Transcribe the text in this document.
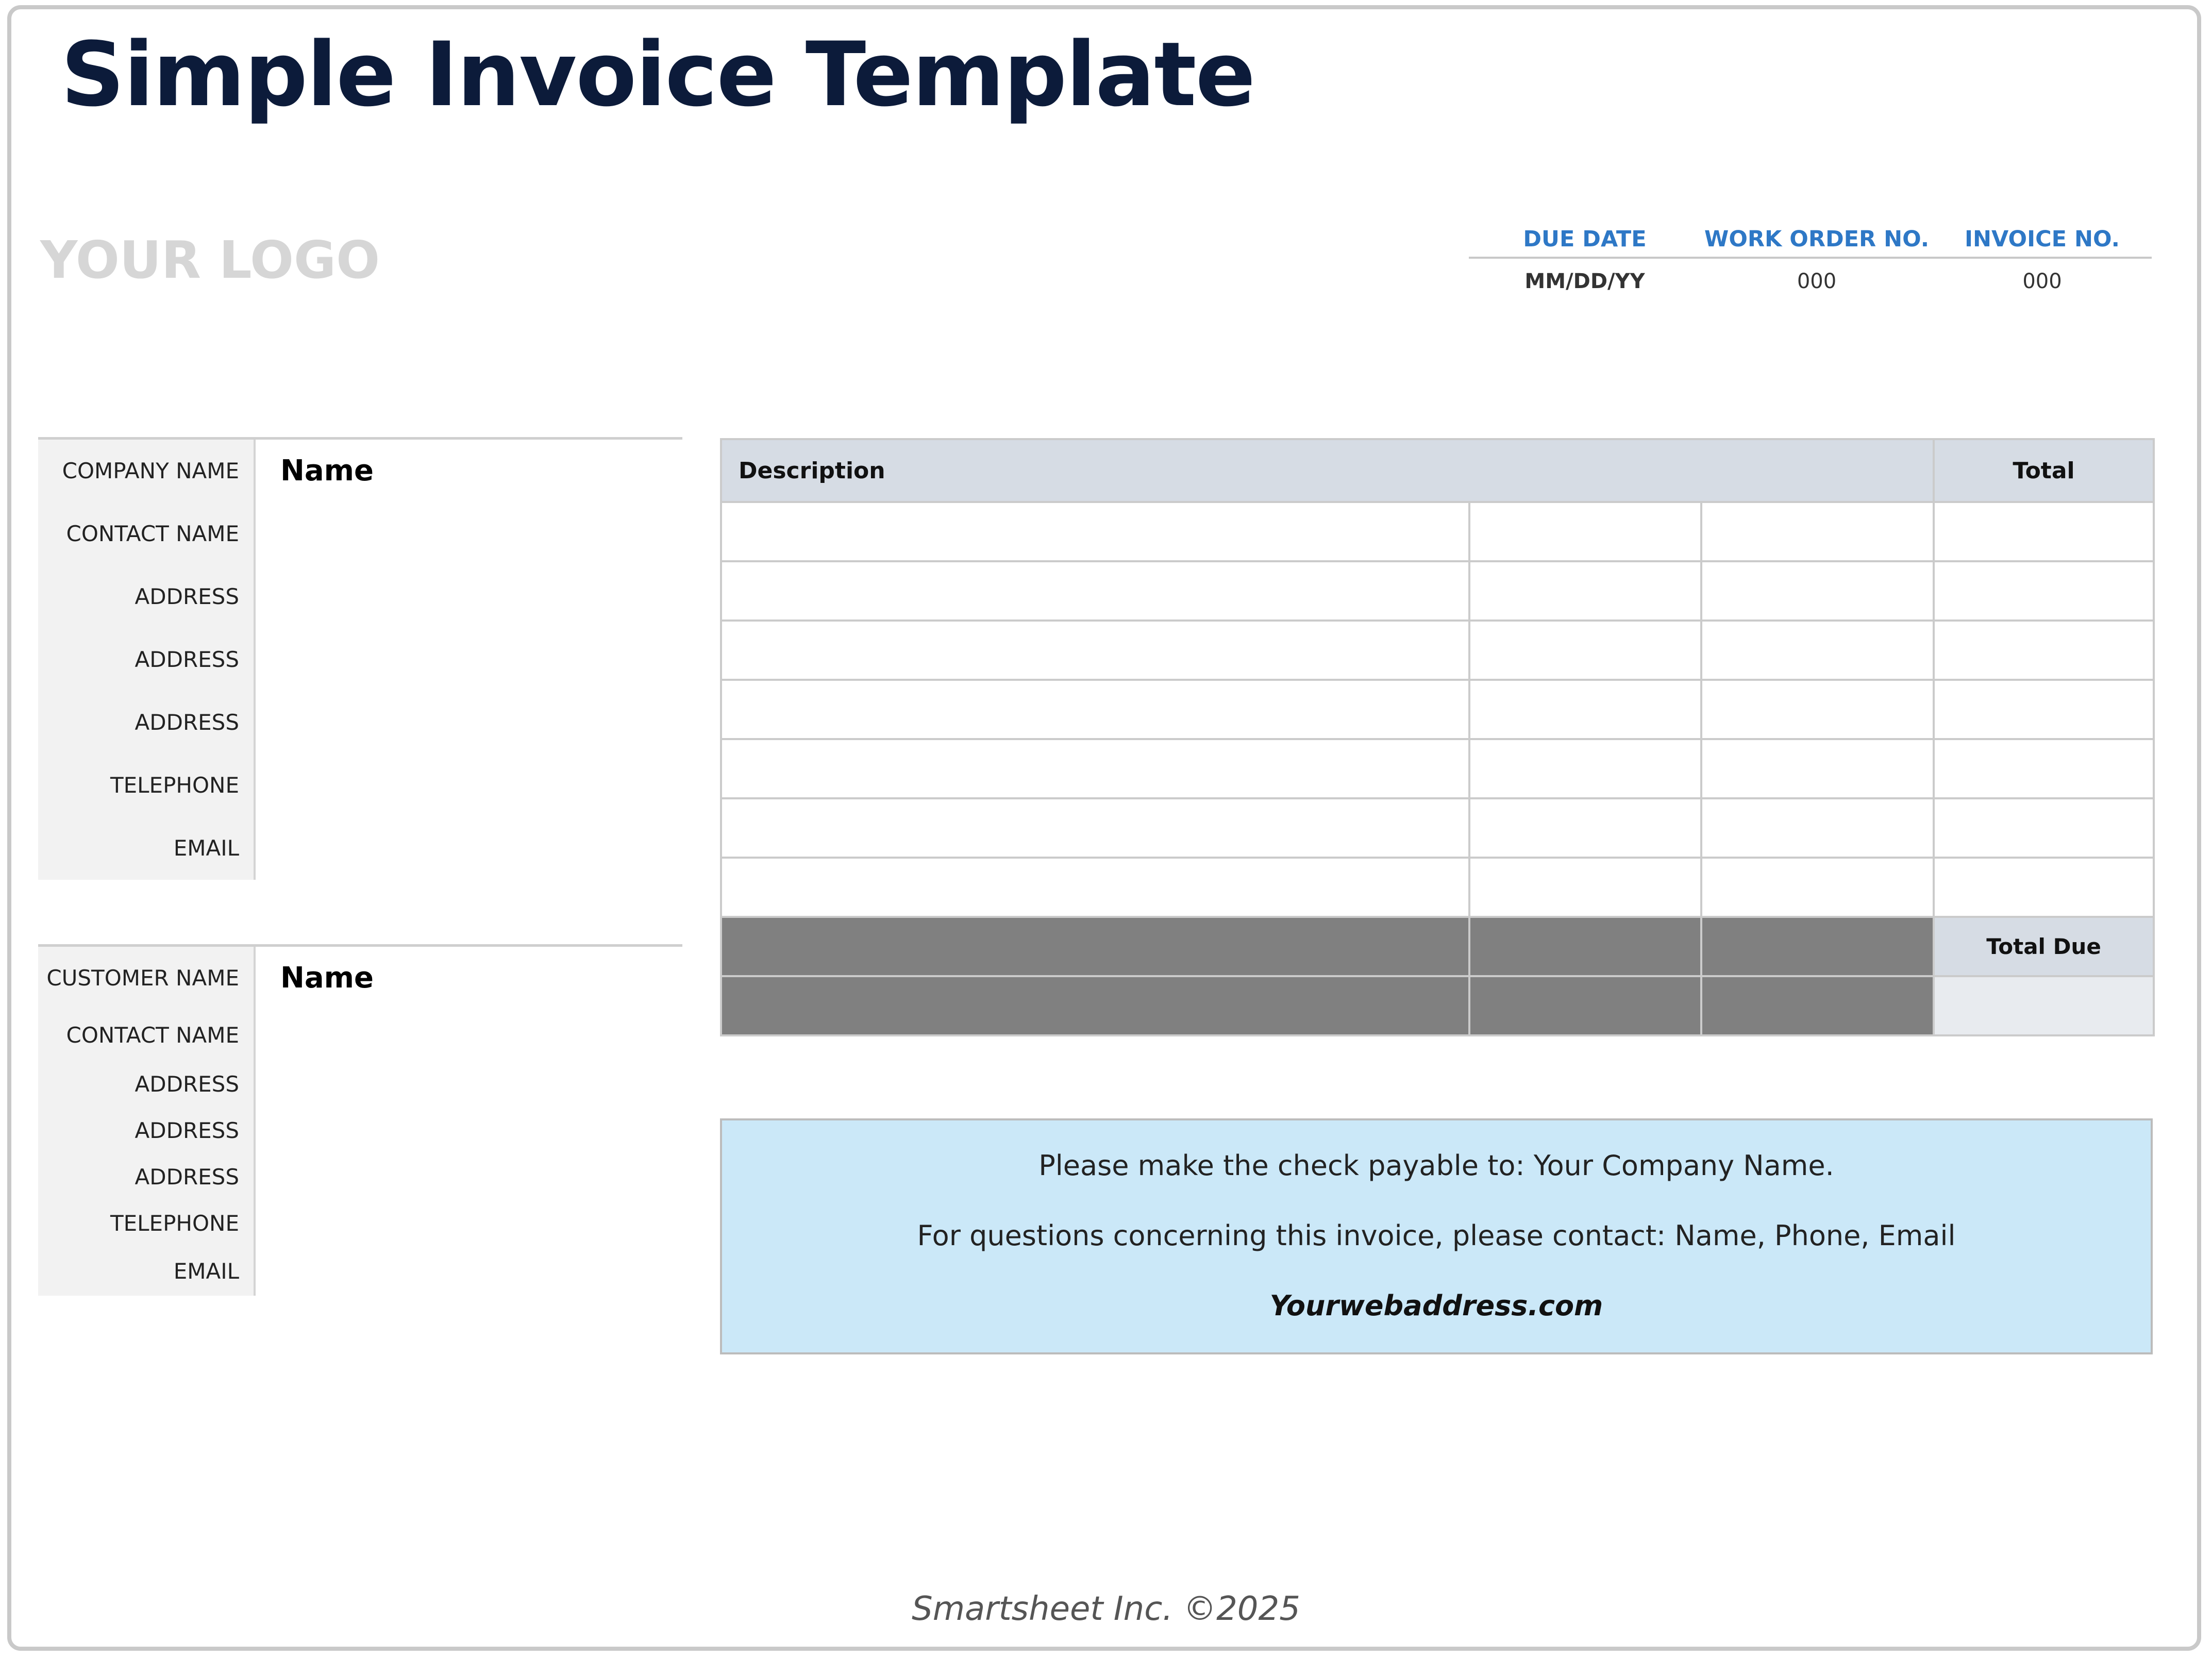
Simple Invoice Template
YOUR LOGO	DUE DATE	WORK ORDER NO.	INVOICE NO.
MM/DD/YY	000	000
COMPANY NAME	Name
CONTACT NAME
ADDRESS
ADDRESS
ADDRESS
TELEPHONE
EMAIL
CUSTOMER NAME	Name
CONTACT NAME
ADDRESS
ADDRESS
ADDRESS
TELEPHONE
EMAIL
Description			Total

			Total Due

Please make the check payable to: Your Company Name.
For questions concerning this invoice, please contact: Name, Phone, Email
Yourwebaddress.com
Smartsheet Inc. ©2025
